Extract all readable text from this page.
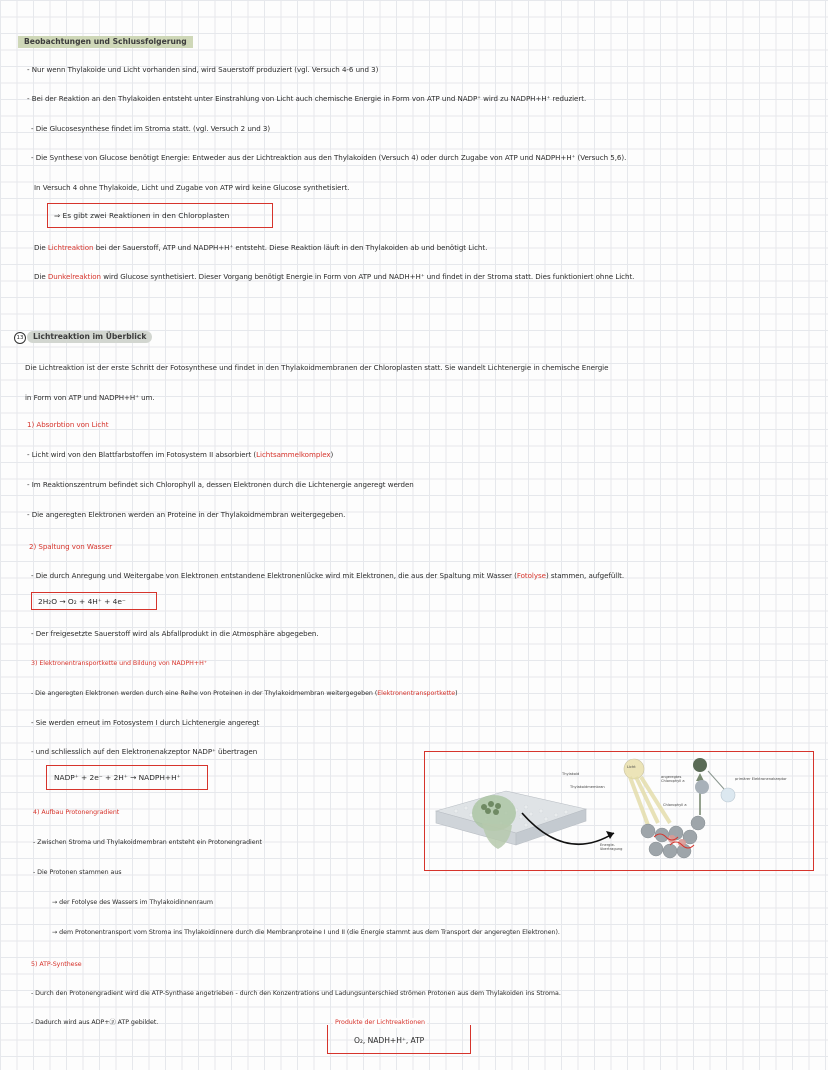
Beobachtungen und Schlussfolgerung
- Nur wenn Thylakoide und Licht vorhanden sind, wird Sauerstoff produziert (vgl. Versuch 4-6 und 3)
- Bei der Reaktion an den Thylakoiden entsteht unter Einstrahlung von Licht auch chemische Energie in Form von ATP und NADP⁺ wird zu NADPH+H⁺ reduziert.
- Die Glucosesynthese findet im Stroma statt. (vgl. Versuch 2 und 3)
- Die Synthese von Glucose benötigt Energie: Entweder aus der Lichtreaktion aus den Thylakoiden (Versuch 4) oder durch Zugabe von ATP und NADPH+H⁺ (Versuch 5,6).
In Versuch 4 ohne Thylakoide, Licht und Zugabe von ATP wird keine Glucose synthetisiert.
⇒ Es gibt zwei Reaktionen in den Chloroplasten
Die Lichtreaktion bei der Sauerstoff, ATP und NADPH+H⁺ entsteht. Diese Reaktion läuft in den Thylakoiden ab und benötigt Licht.
Die Dunkelreaktion wird Glucose synthetisiert. Dieser Vorgang benötigt Energie in Form von ATP und NADH+H⁺ und findet in der Stroma statt. Dies funktioniert ohne Licht.
13	Lichtreaktion im Überblick
Die Lichtreaktion ist der erste Schritt der Fotosynthese und findet in den Thylakoidmembranen der Chloroplasten statt. Sie wandelt Lichtenergie in chemische Energie
in Form von ATP und NADPH+H⁺ um.
1) Absorbtion von Licht
- Licht wird von den Blattfarbstoffen im Fotosystem II absorbiert (Lichtsammelkomplex)
- Im Reaktionszentrum befindet sich Chlorophyll a, dessen Elektronen durch die Lichtenergie angeregt werden
- Die angeregten Elektronen werden an Proteine in der Thylakoidmembran weitergegeben.
2) Spaltung von Wasser
- Die durch Anregung und Weitergabe von Elektronen entstandene Elektronenlücke wird mit Elektronen, die aus der Spaltung mit Wasser (Fotolyse) stammen, aufgefüllt.
2H₂O → O₂ + 4H⁺ + 4e⁻
- Der freigesetzte Sauerstoff wird als Abfallprodukt in die Atmosphäre abgegeben.
3) Elektronentransportkette und Bildung von NADPH+H⁺
- Die angeregten Elektronen werden durch eine Reihe von Proteinen in der Thylakoidmembran weitergegeben (Elektronentransportkette)
- Sie werden erneut im Fotosystem I durch Lichtenergie angeregt
- und schliesslich auf den Elektronenakzeptor NADP⁺ übertragen
NADP⁺ + 2e⁻ + 2H⁺ → NADPH+H⁺
4) Aufbau Protonengradient
- Zwischen Stroma und Thylakoidmembran entsteht ein Protonengradient
- Die Protonen stammen aus
→ der Fotolyse des Wassers im Thylakoidinnenraum
→ dem Protonentransport vom Stroma ins Thylakoidinnere durch die Membranproteine I und II (die Energie stammt aus dem Transport der angeregten Elektronen).
5) ATP-Synthese
- Durch den Protonengradient wird die ATP-Synthase angetrieben - durch den Konzentrations und Ladungsunterschied strömen Protonen aus dem Thylakoiden ins Stroma.
- Dadurch wird aus ADP+ⓟ ATP gebildet.	Produkte der Lichtreaktionen
O₂, NADH+H⁺, ATP
Thylakoid
Thylakoidmembran
Licht
angeregtes Chlorophyll a	primärer Elektronenakzeptor
Chlorophyll a
Energie-übertragung
